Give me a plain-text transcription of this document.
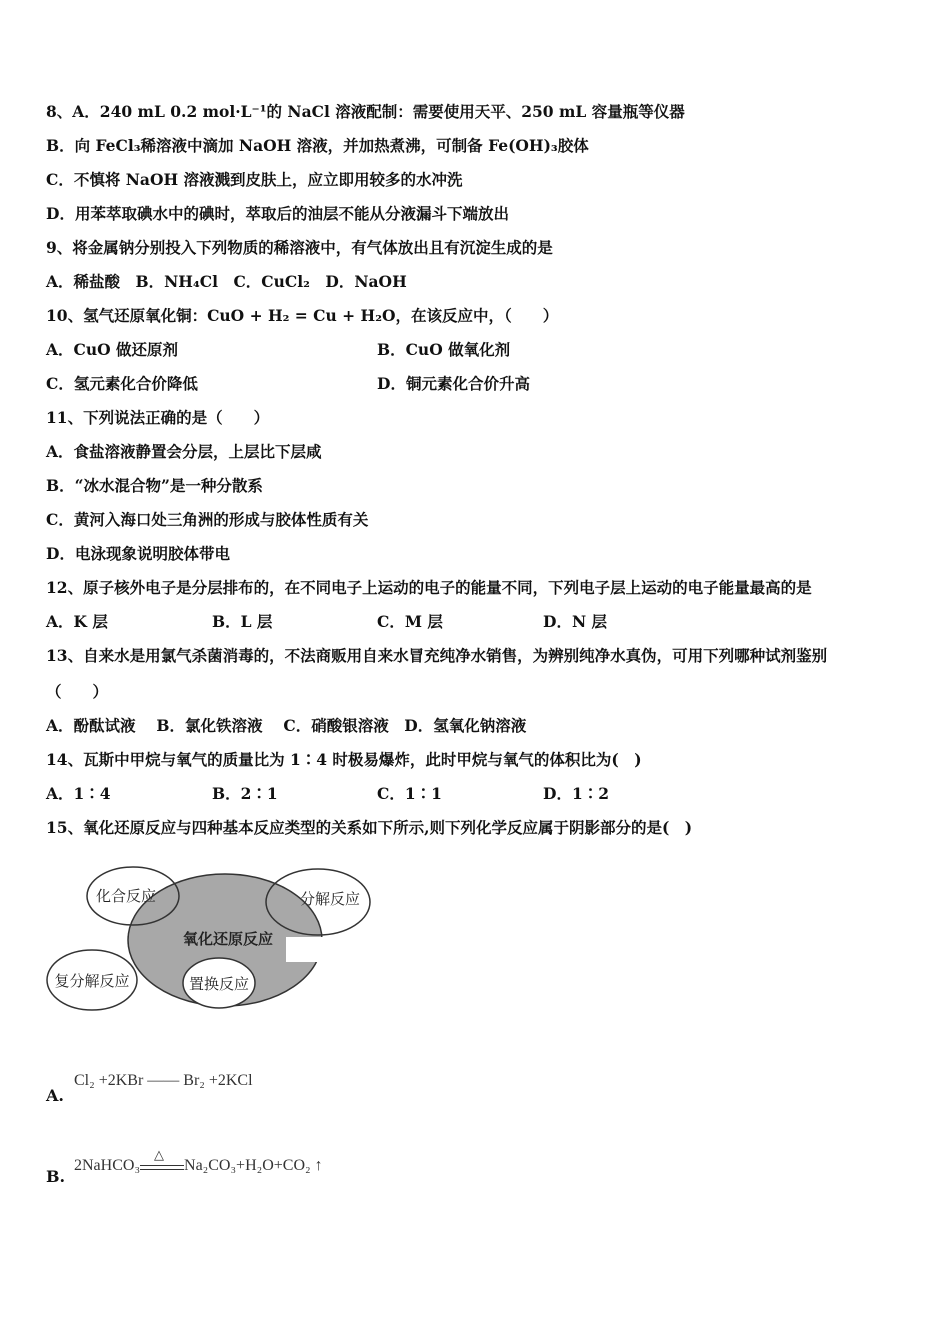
8、A．240 mL 0.2 mol·L⁻¹的 NaCl 溶液配制：需要使用天平、250 mL 容量瓶等仪器
B．向 FeCl₃稀溶液中滴加 NaOH 溶液，并加热煮沸，可制备 Fe(OH)₃胶体
C．不慎将 NaOH 溶液溅到皮肤上，应立即用较多的水冲洗
D．用苯萃取碘水中的碘时，萃取后的油层不能从分液漏斗下端放出
9、将金属钠分别投入下列物质的稀溶液中，有气体放出且有沉淀生成的是
A．稀盐酸　B．NH₄Cl　C．CuCl₂　D．NaOH
10、氢气还原氧化铜：CuO + H₂ = Cu + H₂O，在该反应中，（　　）
A．CuO 做还原剂	B．CuO 做氧化剂
C．氢元素化合价降低	D．铜元素化合价升高
11、下列说法正确的是（　　）
A．食盐溶液静置会分层，上层比下层咸
B．“冰水混合物”是一种分散系
C．黄河入海口处三角洲的形成与胶体性质有关
D．电泳现象说明胶体带电
12、原子核外电子是分层排布的，在不同电子上运动的电子的能量不同，下列电子层上运动的电子能量最高的是
A．K 层	B．L 层	C．M 层	D．N 层
13、自来水是用氯气杀菌消毒的，不法商贩用自来水冒充纯净水销售，为辨别纯净水真伪，可用下列哪种试剂鉴别
（　　）
A．酚酞试液　 B．氯化铁溶液　 C．硝酸银溶液　D．氢氧化钠溶液
14、瓦斯中甲烷与氧气的质量比为 1∶4 时极易爆炸，此时甲烷与氧气的体积比为(　)
A．1∶4	B．2∶1	C．1∶1	D．1∶2
15、氧化还原反应与四种基本反应类型的关系如下所示,则下列化学反应属于阴影部分的是(　)
氧化还原反应
化合反应	分解反应
复分解反应	置换反应
A.
Cl₂ +2KBr —— Br₂ +2KCl
B.
2NaHCO₃
△
Na₂CO₃+H₂O+CO₂ ↑
